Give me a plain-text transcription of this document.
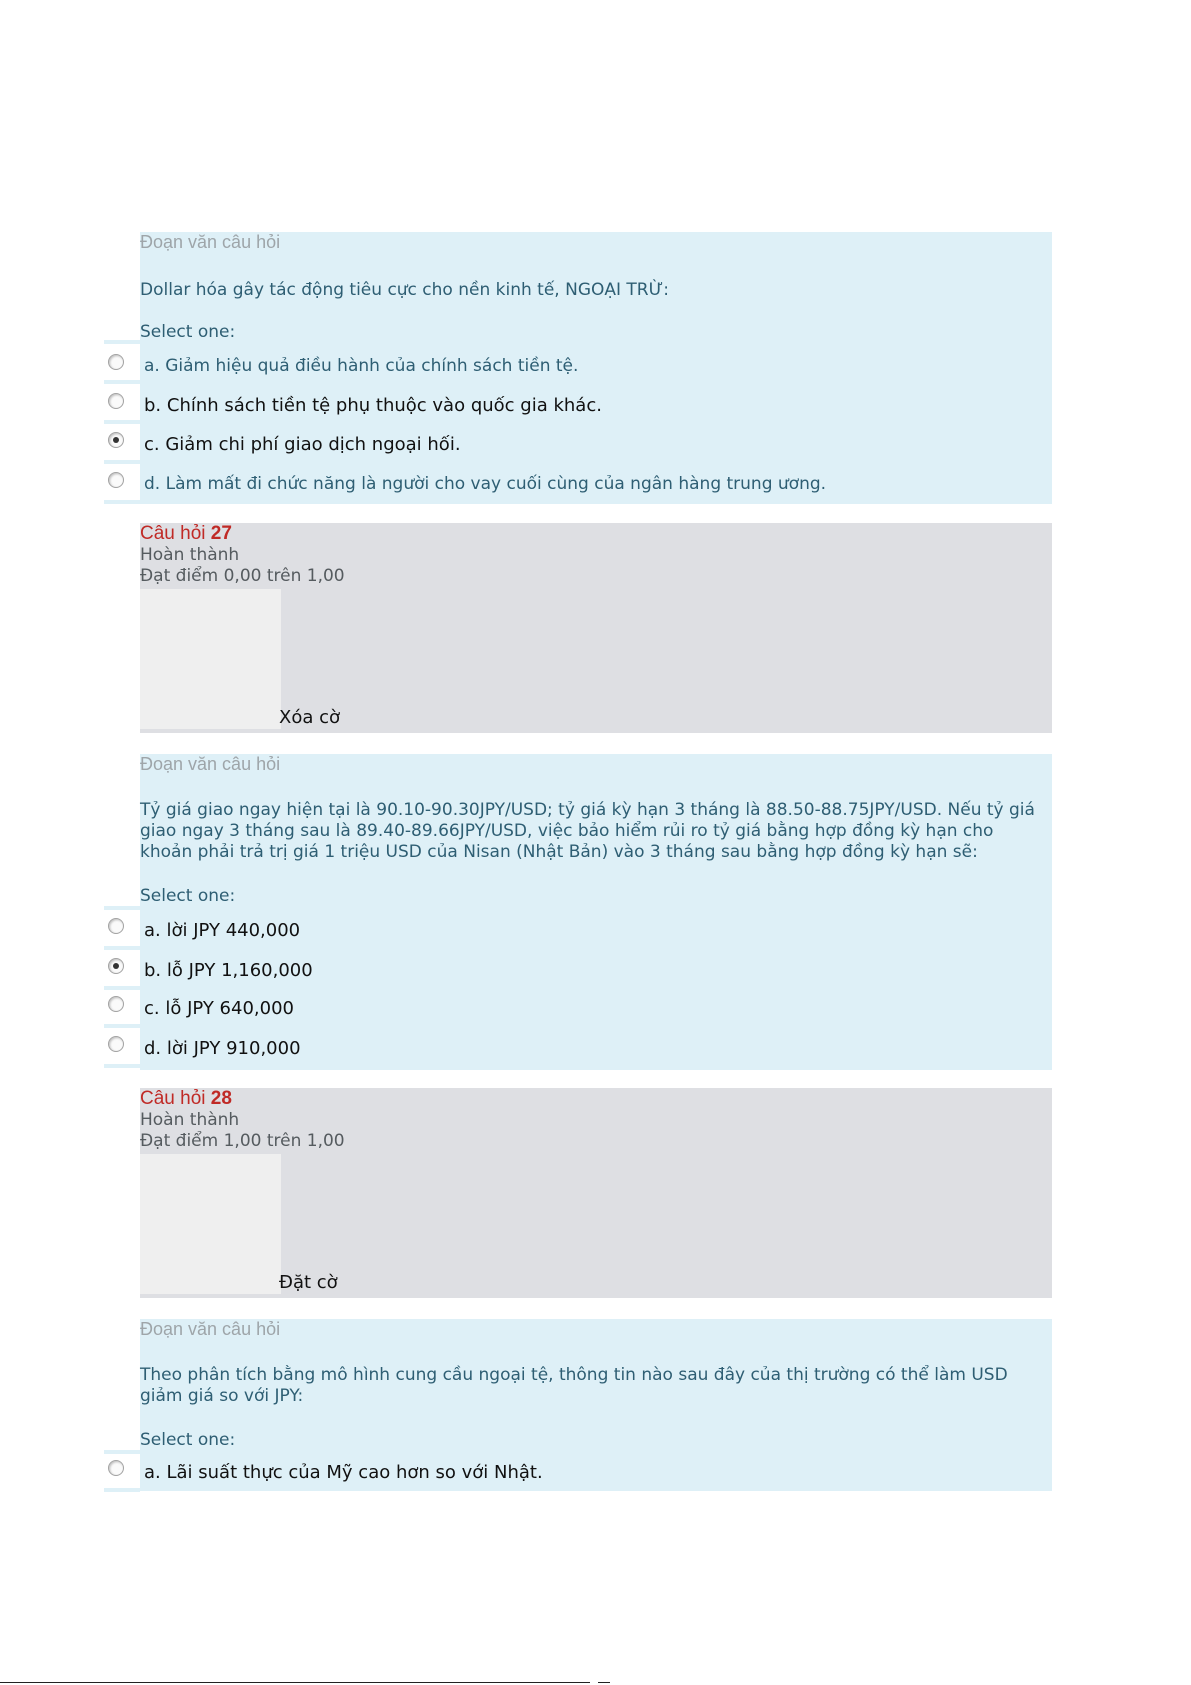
Đoạn văn câu hỏi
Dollar hóa gây tác động tiêu cực cho nền kinh tế, NGOẠI TRỪ:
Select one:
a. Giảm hiệu quả điều hành của chính sách tiền tệ.
b. Chính sách tiền tệ phụ thuộc vào quốc gia khác.
c. Giảm chi phí giao dịch ngoại hối.
d. Làm mất đi chức năng là người cho vay cuối cùng của ngân hàng trung ương.
Câu hỏi 27
Hoàn thành
Đạt điểm 0,00 trên 1,00
Xóa cờ
Đoạn văn câu hỏi
Tỷ giá giao ngay hiện tại là 90.10-90.30JPY/USD; tỷ giá kỳ hạn 3 tháng là 88.50-88.75JPY/USD. Nếu tỷ giá giao ngay 3 tháng sau là 89.40-89.66JPY/USD, việc bảo hiểm rủi ro tỷ giá bằng hợp đồng kỳ hạn cho khoản phải trả trị giá 1 triệu USD của Nisan (Nhật Bản) vào 3 tháng sau bằng hợp đồng kỳ hạn sẽ:
Select one:
a. lời JPY 440,000
b. lỗ JPY 1,160,000
c. lỗ JPY 640,000
d. lời JPY 910,000
Câu hỏi 28
Hoàn thành
Đạt điểm 1,00 trên 1,00
Đặt cờ
Đoạn văn câu hỏi
Theo phân tích bằng mô hình cung cầu ngoại tệ, thông tin nào sau đây của thị trường có thể làm USD giảm giá so với JPY:
Select one:
a. Lãi suất thực của Mỹ cao hơn so với Nhật.
